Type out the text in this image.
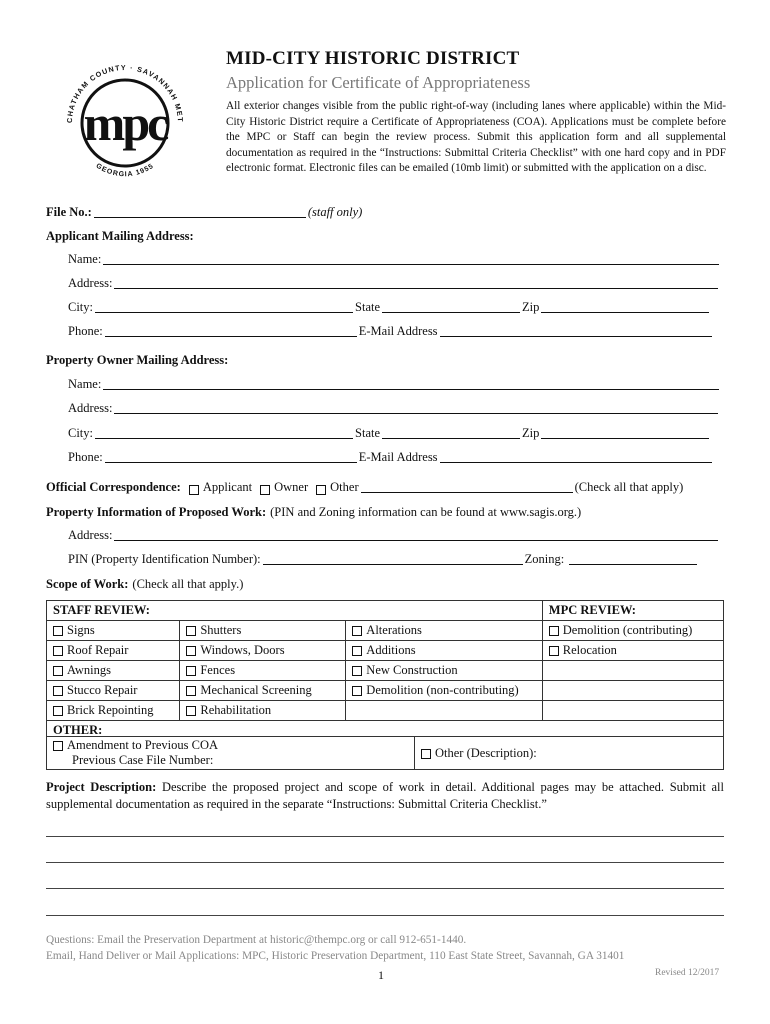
CHATHAM COUNTY · SAVANNAH MET
GEORGIA 1955
mpc
MID-CITY HISTORIC DISTRICT
Application for Certificate of Appropriateness
All exterior changes visible from the public right-of-way (including lanes where applicable) within the Mid-City Historic District require a Certificate of Appropriateness (COA). Applications must be complete before the MPC or Staff can begin the review process. Submit this application form and all supplemental documentation as required in the “Instructions: Submittal Criteria Checklist” with one hard copy and in PDF electronic format. Electronic files can be emailed (10mb limit) or submitted with the application on a disc.
File No.:	(staff only)
Applicant Mailing Address:
Name:
Address:
City:	State	Zip
Phone:	E-Mail Address
Property Owner Mailing Address:
Name:
Address:
City:	State	Zip
Phone:	E-Mail Address
Official Correspondence: Applicant Owner Other	(Check all that apply)
Property Information of Proposed Work: (PIN and Zoning information can be found at www.sagis.org.)
Address:
PIN (Property Identification Number):	Zoning:
Scope of Work: (Check all that apply.)
STAFF REVIEW:			MPC REVIEW:
Signs	Shutters	Alterations	Demolition (contributing)
Roof Repair	Windows, Doors	Additions	Relocation
Awnings	Fences	New Construction	
Stucco Repair	Mechanical Screening	Demolition (non-contributing)	
Brick Repointing	Rehabilitation		
OTHER:			
Amendment to Previous COA
Previous Case File Number:	Other (Description):
Project Description: Describe the proposed project and scope of work in detail. Additional pages may be attached. Submit all supplemental documentation as required in the separate “Instructions: Submittal Criteria Checklist.”
Questions: Email the Preservation Department at historic@thempc.org or call 912-651-1440.
Email, Hand Deliver or Mail Applications: MPC, Historic Preservation Department, 110 East State Street, Savannah, GA 31401
1	Revised 12/2017
